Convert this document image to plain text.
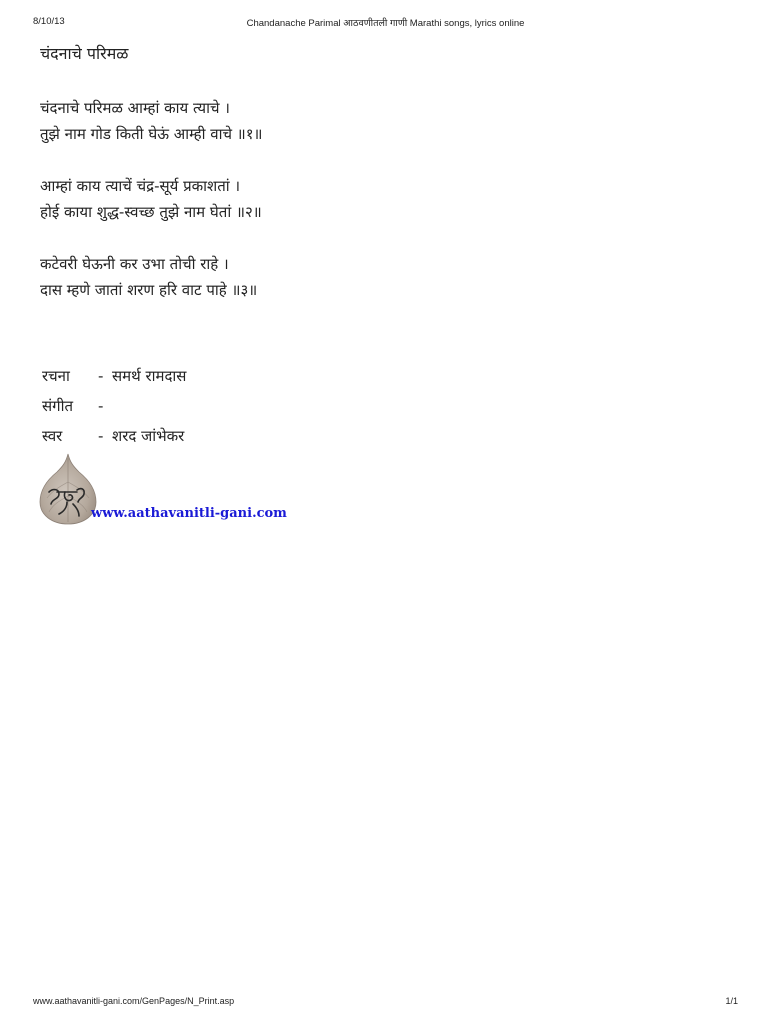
8/10/13	Chandanache Parimal आठवणीतली गाणी Marathi songs, lyrics online
चंदनाचे परिमळ
चंदनाचे परिमळ आम्हां काय त्याचे ।
तुझे नाम गोड किती घेऊं आम्ही वाचे ॥१॥
आम्हां काय त्याचें चंद्र-सूर्य प्रकाशतां ।
होई काया शुद्ध-स्वच्छ तुझे नाम घेतां ॥२॥
कटेवरी घेऊनी कर उभा तोची राहे ।
दास म्हणे जातां शरण हरि वाट पाहे ॥३॥
रचना	- समर्थ रामदास
संगीत	-
स्वर	- शरद जांभेकर
www.aathavanitli-gani.com
www.aathavanitli-gani.com/GenPages/N_Print.asp	1/1
